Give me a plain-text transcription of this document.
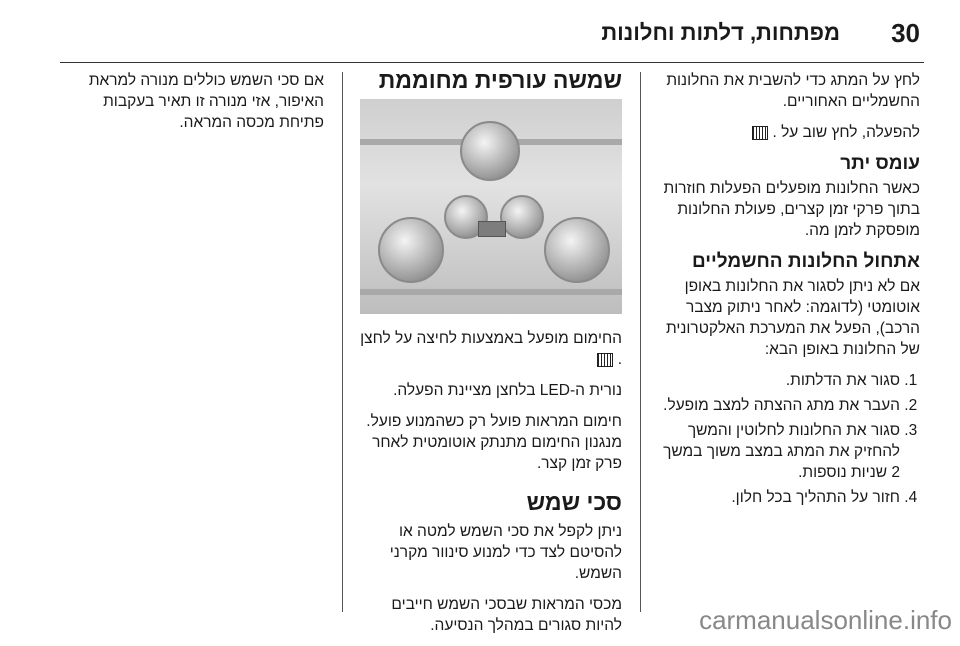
30
מפתחות, דלתות וחלונות

לחץ על המתג כדי להשבית את החלונות החשמליים האחוריים.

להפעלה, לחץ שוב על .

עומס יתר

כאשר החלונות מופעלים הפעלות חוזרות בתוך פרקי זמן קצרים, פעולת החלונות מופסקת לזמן מה.

אתחול החלונות החשמליים

אם לא ניתן לסגור את החלונות באופן אוטומטי (לדוגמה: לאחר ניתוק מצבר הרכב), הפעל את המערכת האלקטרונית של החלונות באופן הבא:

1. סגור את הדלתות.
2. העבר את מתג ההצתה למצב מופעל.
3. סגור את החלונות לחלוטין והמשך להחזיק את המתג במצב משוך במשך 2 שניות נוספות.
4. חזור על התהליך בכל חלון.
שמשה עורפית מחוממת

החימום מופעל באמצעות לחיצה על לחצן .

נורית ה-LED בלחצן מציינת הפעלה.

חימום המראות פועל רק כשהמנוע פועל. מנגנון החימום מתנתק אוטומטית לאחר פרק זמן קצר.

סכי שמש

ניתן לקפל את סכי השמש למטה או להסיטם לצד כדי למנוע סינוור מקרני השמש.

מכסי המראות שבסכי השמש חייבים להיות סגורים במהלך הנסיעה.

אם סכי השמש כוללים מנורה למראת האיפור, אזי מנורה זו תאיר בעקבות פתיחת מכסה המראה.

carmanualsonline.info
